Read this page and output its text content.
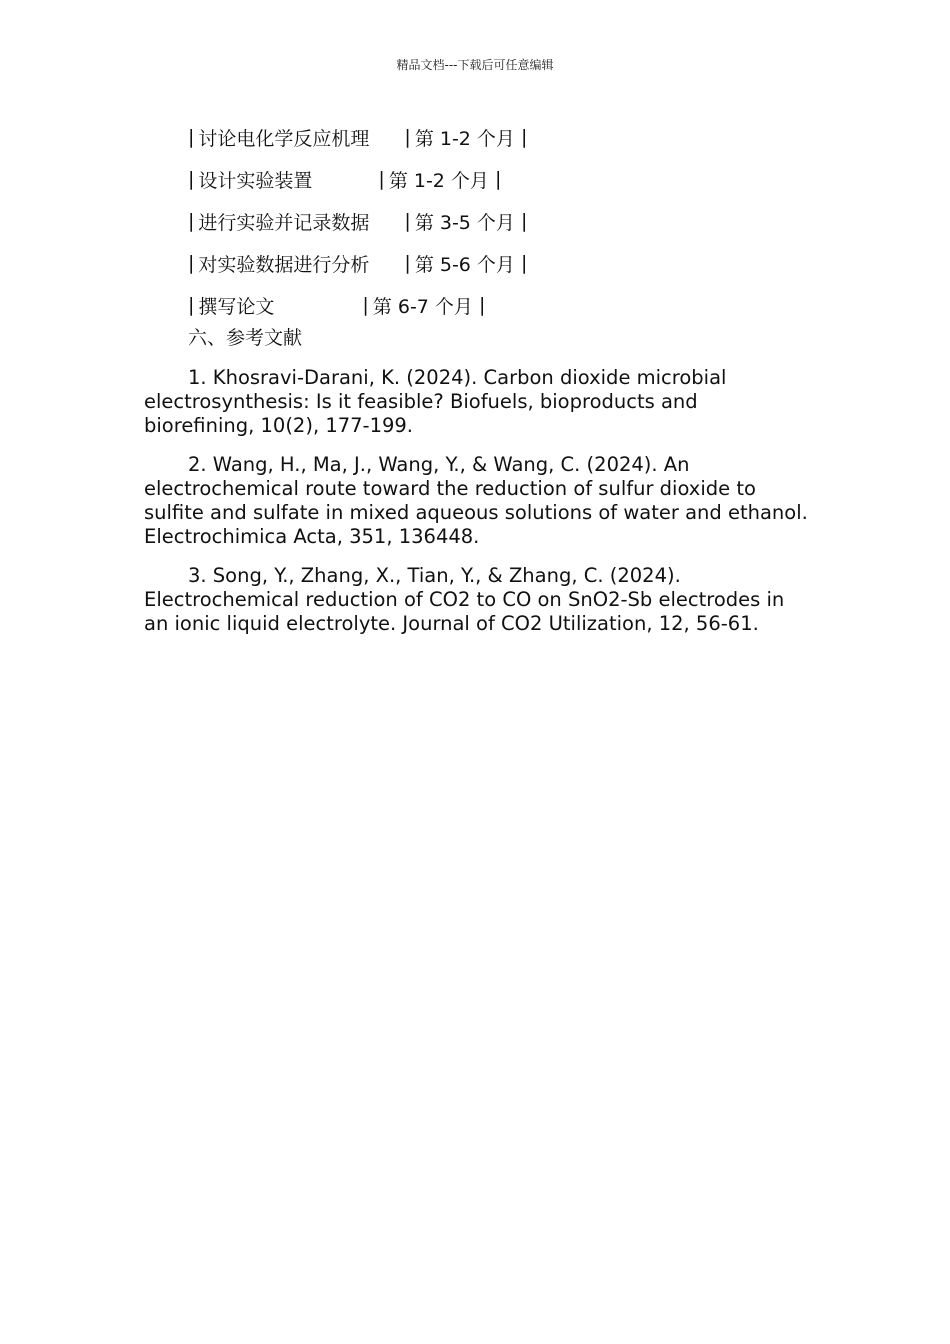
精品文档---下载后可任意编辑
| 讨论电化学反应机理	| 第 1-2 个月 |
| 设计实验装置	| 第 1-2 个月 |
| 进行实验并记录数据	| 第 3-5 个月 |
| 对实验数据进行分析	| 第 5-6 个月 |
| 撰写论文	| 第 6-7 个月 |
六、参考文献

1. Khosravi-Darani, K. (2024). Carbon dioxide microbial electrosynthesis: Is it feasible? Biofuels, bioproducts and biorefining, 10(2), 177-199.

2. Wang, H., Ma, J., Wang, Y., & Wang, C. (2024). An electrochemical route toward the reduction of sulfur dioxide to sulfite and sulfate in mixed aqueous solutions of water and ethanol. Electrochimica Acta, 351, 136448.

3. Song, Y., Zhang, X., Tian, Y., & Zhang, C. (2024). Electrochemical reduction of CO2 to CO on SnO2-Sb electrodes in an ionic liquid electrolyte. Journal of CO2 Utilization, 12, 56-61.
